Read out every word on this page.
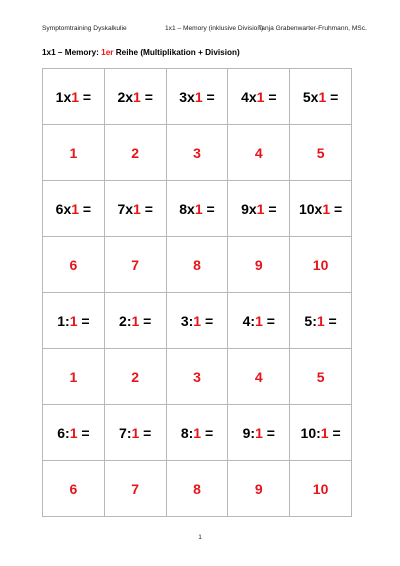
Symptomtraining Dyskalkulie	1x1 – Memory (inklusive Division)
Tanja Grabenwarter-Fruhmann, MSc.
1x1 – Memory: 1er Reihe (Multiplikation + Division)
1x1 =	2x1 =	3x1 =	4x1 =	5x1 =
1	2	3	4	5
6x1 =	7x1 =	8x1 =	9x1 =	10x1 =
6	7	8	9	10
1:1 =	2:1 =	3:1 =	4:1 =	5:1 =
1	2	3	4	5
6:1 =	7:1 =	8:1 =	9:1 =	10:1 =
6	7	8	9	10
1
